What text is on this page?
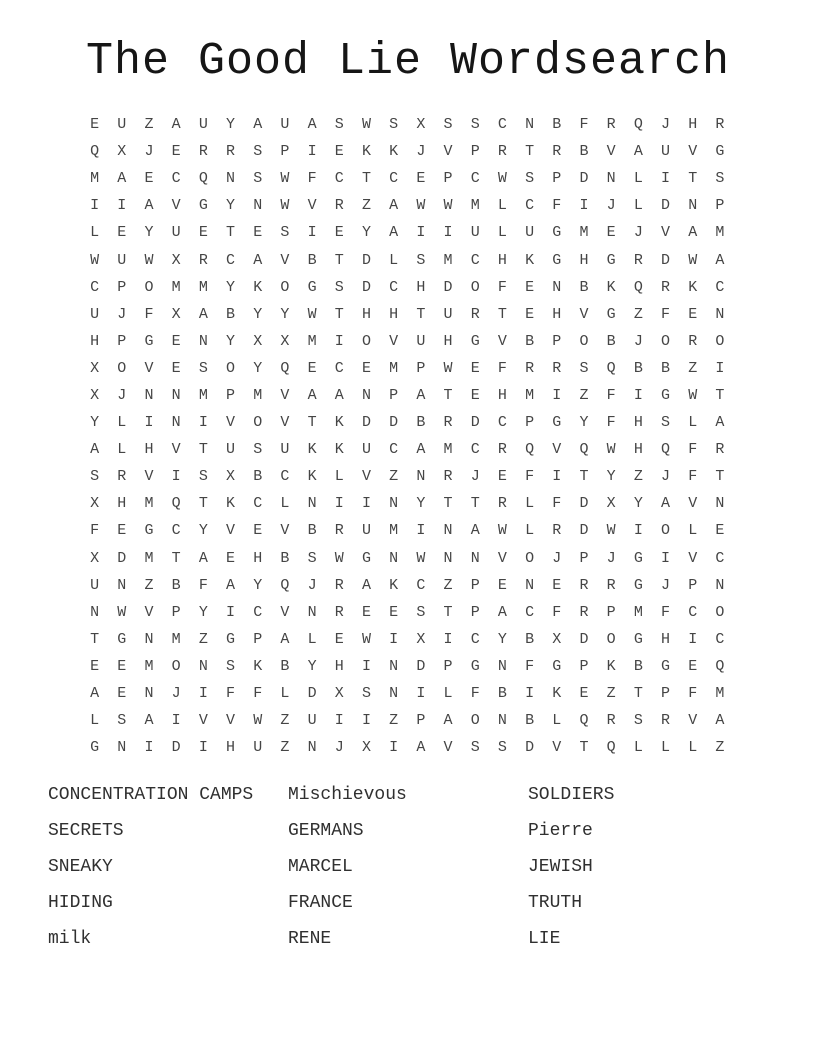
The Good Lie Wordsearch
E	U	Z	A	U	Y	A	U	A	S	W	S	X	S	S	C	N	B	F	R	Q	J	H	R
Q	X	J	E	R	R	S	P	I	E	K	K	J	V	P	R	T	R	B	V	A	U	V	G
M	A	E	C	Q	N	S	W	F	C	T	C	E	P	C	W	S	P	D	N	L	I	T	S
I	I	A	V	G	Y	N	W	V	R	Z	A	W	W	M	L	C	F	I	J	L	D	N	P
L	E	Y	U	E	T	E	S	I	E	Y	A	I	I	U	L	U	G	M	E	J	V	A	M
W	U	W	X	R	C	A	V	B	T	D	L	S	M	C	H	K	G	H	G	R	D	W	A
C	P	O	M	M	Y	K	O	G	S	D	C	H	D	O	F	E	N	B	K	Q	R	K	C
U	J	F	X	A	B	Y	Y	W	T	H	H	T	U	R	T	E	H	V	G	Z	F	E	N
H	P	G	E	N	Y	X	X	M	I	O	V	U	H	G	V	B	P	O	B	J	O	R	O
X	O	V	E	S	O	Y	Q	E	C	E	M	P	W	E	F	R	R	S	Q	B	B	Z	I
X	J	N	N	M	P	M	V	A	A	N	P	A	T	E	H	M	I	Z	F	I	G	W	T
Y	L	I	N	I	V	O	V	T	K	D	D	B	R	D	C	P	G	Y	F	H	S	L	A
A	L	H	V	T	U	S	U	K	K	U	C	A	M	C	R	Q	V	Q	W	H	Q	F	R
S	R	V	I	S	X	B	C	K	L	V	Z	N	R	J	E	F	I	T	Y	Z	J	F	T
X	H	M	Q	T	K	C	L	N	I	I	N	Y	T	T	R	L	F	D	X	Y	A	V	N
F	E	G	C	Y	V	E	V	B	R	U	M	I	N	A	W	L	R	D	W	I	O	L	E
X	D	M	T	A	E	H	B	S	W	G	N	W	N	N	V	O	J	P	J	G	I	V	C
U	N	Z	B	F	A	Y	Q	J	R	A	K	C	Z	P	E	N	E	R	R	G	J	P	N
N	W	V	P	Y	I	C	V	N	R	E	E	S	T	P	A	C	F	R	P	M	F	C	O
T	G	N	M	Z	G	P	A	L	E	W	I	X	I	C	Y	B	X	D	O	G	H	I	C
E	E	M	O	N	S	K	B	Y	H	I	N	D	P	G	N	F	G	P	K	B	G	E	Q
A	E	N	J	I	F	F	L	D	X	S	N	I	L	F	B	I	K	E	Z	T	P	F	M
L	S	A	I	V	V	W	Z	U	I	I	Z	P	A	O	N	B	L	Q	R	S	R	V	A
G	N	I	D	I	H	U	Z	N	J	X	I	A	V	S	S	D	V	T	Q	L	L	L	Z
CONCENTRATION CAMPS
SECRETS
SNEAKY
HIDING
milk
Mischievous
GERMANS
MARCEL
FRANCE
RENE
SOLDIERS
Pierre
JEWISH
TRUTH
LIE
